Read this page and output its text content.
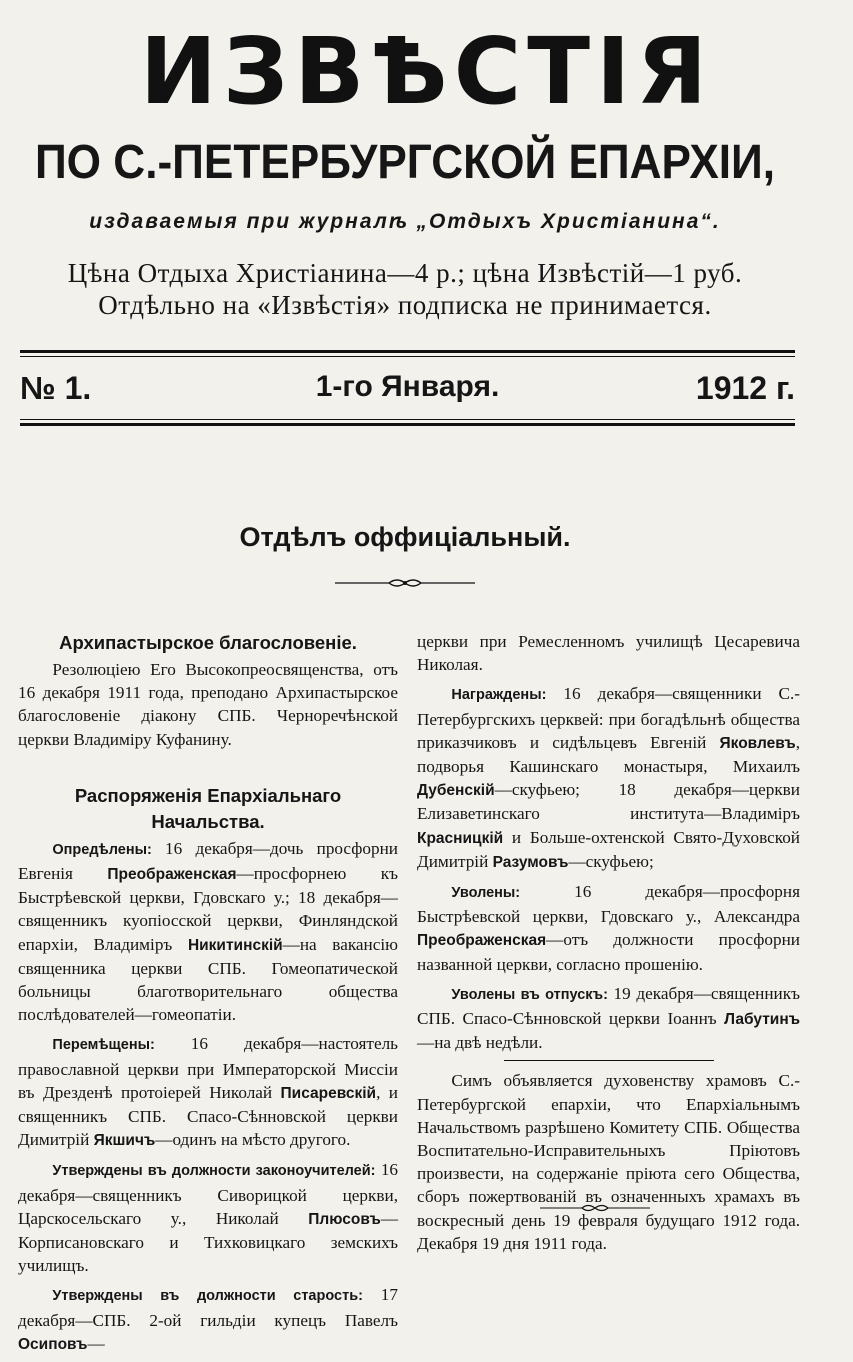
ИЗВѢСТІЯ
ПО С.-ПЕТЕРБУРГСКОЙ ЕПАРХІИ,
издаваемыя при журналѣ „Отдыхъ Христіанина“.
Цѣна Отдыха Христіанина—4 р.; цѣна Извѣстій—1 руб.
Отдѣльно на «Извѣстія» подписка не принимается.
№ 1.	1-го Января.	1912 г.
Отдѣлъ оффиціальный.
Архипастырское благословеніе.

Резолюціею Его Высокопреосвященства, отъ 16 декабря 1911 года, преподано Архипастырское благословеніе діакону СПБ. Черноречѣнской церкви Владиміру Куфанину.

Распоряженія Епархіальнаго Начальства.

Опредѣлены: 16 декабря—дочь просфорни Евгенія Преображенская—просфорнею къ Быстрѣевской церкви, Гдовскаго у.; 18 декабря—священникъ куопіосской церкви, Финляндской епархіи, Владиміръ Никитинскій—на вакансію священника церкви СПБ. Гомеопатической больницы благотворительнаго общества послѣдователей—гомеопатіи.

Перемѣщены: 16 декабря—настоятель православной церкви при Императорской Миссіи въ Дрезденѣ протоіерей Николай Писаревскій, и священникъ СПБ. Спасо-Сѣнновской церкви Димитрій Якшичъ—одинъ на мѣсто другого.

Утверждены въ должности законоучителей: 16 декабря—священникъ Сиворицкой церкви, Царскосельскаго у., Николай Плюсовъ—Корписановскаго и Тихковицкаго земскихъ училищъ.

Утверждены въ должности старость: 17 декабря—СПБ. 2-ой гильдіи купецъ Павелъ Осиповъ—

церкви при Ремесленномъ училищѣ Цесаревича Николая.

Награждены: 16 декабря—священники С.-Петербургскихъ церквей: при богадѣльнѣ общества приказчиковъ и сидѣльцевъ Евгеній Яковлевъ, подворья Кашинскаго монастыря, Михаилъ Дубенскій—скуфьею; 18 декабря—церкви Елизаветинскаго института—Владиміръ Красницкій и Больше-охтенской Свято-Духовской Димитрій Разумовъ—скуфьею;

Уволены: 16 декабря—просфорня Быстрѣевской церкви, Гдовскаго у., Александра Преображенская—отъ должности просфорни названной церкви, согласно прошенію.

Уволены въ отпускъ: 19 декабря—священникъ СПБ. Спасо-Сѣнновской церкви Іоаннъ Лабутинъ—на двѣ недѣли.

Симъ объявляется духовенству храмовъ С.-Петербургской епархіи, что Епархіальнымъ Начальствомъ разрѣшено Комитету СПБ. Общества Воспитательно-Исправительныхъ Пріютовъ произвести, на содержаніе пріюта сего Общества, сборъ пожертвованій въ означенныхъ храмахъ въ воскресный день 19 февраля будущаго 1912 года. Декабря 19 дня 1911 года.
